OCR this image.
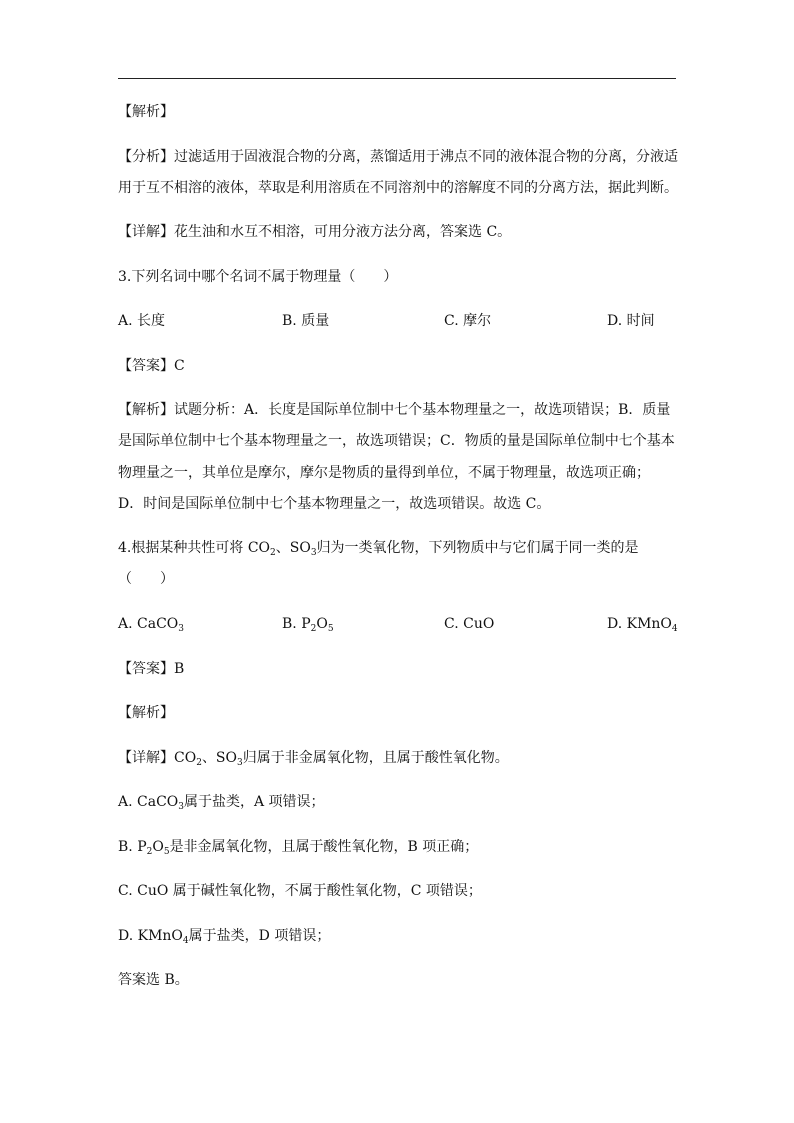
【解析】
【分析】过滤适用于固液混合物的分离，蒸馏适用于沸点不同的液体混合物的分离，分液适
用于互不相溶的液体，萃取是利用溶质在不同溶剂中的溶解度不同的分离方法，据此判断。
【详解】花生油和水互不相溶，可用分液方法分离，答案选 C。
3.下列名词中哪个名词不属于物理量（　　）
A. 长度	B. 质量	C. 摩尔	D. 时间
【答案】C
【解析】试题分析：A．长度是国际单位制中七个基本物理量之一，故选项错误；B．质量
是国际单位制中七个基本物理量之一，故选项错误；C．物质的量是国际单位制中七个基本
物理量之一，其单位是摩尔，摩尔是物质的量得到单位，不属于物理量，故选项正确；
D．时间是国际单位制中七个基本物理量之一，故选项错误。故选 C。
4.根据某种共性可将 $CO_2$、$SO_3$归为一类氧化物，下列物质中与它们属于同一类的是
（　　）
A. CaCO$_3$	B. $P_2O_5$	C. CuO	D. KMnO$_4$
【答案】B
【解析】
【详解】$CO_2$、$SO_3$归属于非金属氧化物，且属于酸性氧化物。
A. CaCO$_3$属于盐类，A 项错误；
B. $P_2O_5$是非金属氧化物，且属于酸性氧化物，B 项正确；
C. CuO 属于碱性氧化物，不属于酸性氧化物，C 项错误；
D. KMnO$_4$属于盐类，D 项错误；
答案选 B。
